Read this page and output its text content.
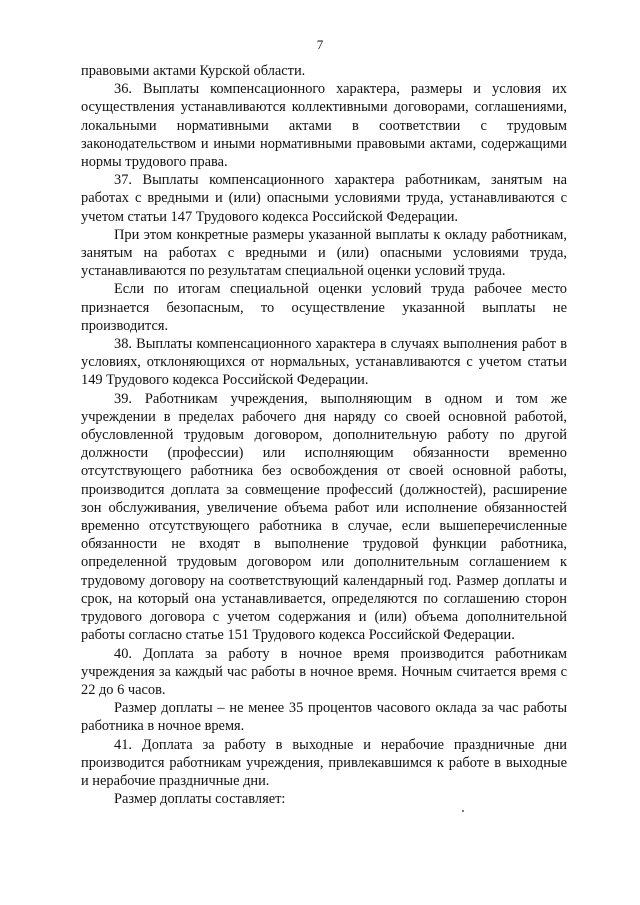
7

правовыми актами Курской области.

36. Выплаты компенсационного характера, размеры и условия их осуществления устанавливаются коллективными договорами, соглашениями, локальными нормативными актами в соответствии с трудовым законодательством и иными нормативными правовыми актами, содержащими нормы трудового права.

37. Выплаты компенсационного характера работникам, занятым на работах с вредными и (или) опасными условиями труда, устанавливаются с учетом статьи 147 Трудового кодекса Российской Федерации.

При этом конкретные размеры указанной выплаты к окладу работникам, занятым на работах с вредными и (или) опасными условиями труда, устанавливаются по результатам специальной оценки условий труда.

Если по итогам специальной оценки условий труда рабочее место признается безопасным, то осуществление указанной выплаты не производится.

38. Выплаты компенсационного характера в случаях выполнения работ в условиях, отклоняющихся от нормальных, устанавливаются с учетом статьи 149 Трудового кодекса Российской Федерации.

39. Работникам учреждения, выполняющим в одном и том же учреждении в пределах рабочего дня наряду со своей основной работой, обусловленной трудовым договором, дополнительную работу по другой должности (профессии) или исполняющим обязанности временно отсутствующего работника без освобождения от своей основной работы, производится доплата за совмещение профессий (должностей), расширение зон обслуживания, увеличение объема работ или исполнение обязанностей временно отсутствующего работника в случае, если вышеперечисленные обязанности не входят в выполнение трудовой функции работника, определенной трудовым договором или дополнительным соглашением к трудовому договору на соответствующий календарный год. Размер доплаты и срок, на который она устанавливается, определяются по соглашению сторон трудового договора с учетом содержания и (или) объема дополнительной работы согласно статье 151 Трудового кодекса Российской Федерации.

40. Доплата за работу в ночное время производится работникам учреждения за каждый час работы в ночное время. Ночным считается время с 22 до 6 часов.

Размер доплаты – не менее 35 процентов часового оклада за час работы работника в ночное время.

41. Доплата за работу в выходные и нерабочие праздничные дни производится работникам учреждения, привлекавшимся к работе в выходные и нерабочие праздничные дни.

Размер доплаты составляет:
